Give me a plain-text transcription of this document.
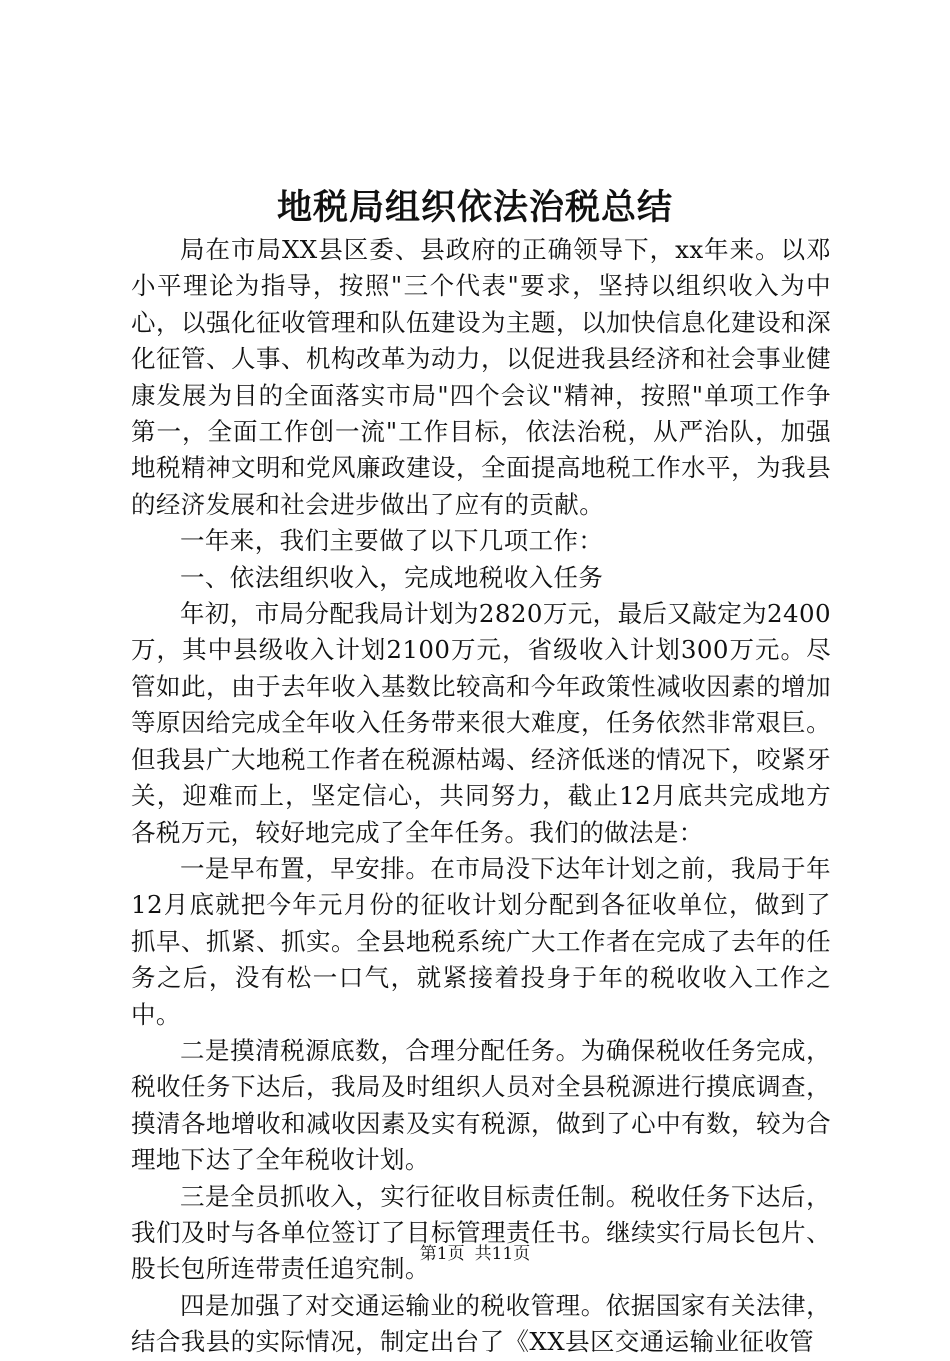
地税局组织依法治税总结

局在市局XX县区委、县政府的正确领导下，xx年来。以邓小平理论为指导，按照"三个代表"要求，坚持以组织收入为中心，以强化征收管理和队伍建设为主题，以加快信息化建设和深化征管、人事、机构改革为动力，以促进我县经济和社会事业健康发展为目的全面落实市局"四个会议"精神，按照"单项工作争第一，全面工作创一流"工作目标，依法治税，从严治队，加强地税精神文明和党风廉政建设，全面提高地税工作水平，为我县的经济发展和社会进步做出了应有的贡献。

一年来，我们主要做了以下几项工作：

一、依法组织收入，完成地税收入任务

年初，市局分配我局计划为2820万元，最后又敲定为2400万，其中县级收入计划2100万元，省级收入计划300万元。尽管如此，由于去年收入基数比较高和今年政策性减收因素的增加等原因给完成全年收入任务带来很大难度，任务依然非常艰巨。但我县广大地税工作者在税源枯竭、经济低迷的情况下，咬紧牙关，迎难而上，坚定信心，共同努力，截止12月底共完成地方各税万元，较好地完成了全年任务。我们的做法是：

一是早布置，早安排。在市局没下达年计划之前，我局于年12月底就把今年元月份的征收计划分配到各征收单位，做到了抓早、抓紧、抓实。全县地税系统广大工作者在完成了去年的任务之后，没有松一口气，就紧接着投身于年的税收收入工作之中。

二是摸清税源底数，合理分配任务。为确保税收任务完成，税收任务下达后，我局及时组织人员对全县税源进行摸底调查，摸清各地增收和减收因素及实有税源，做到了心中有数，较为合理地下达了全年税收计划。

三是全员抓收入，实行征收目标责任制。税收任务下达后，我们及时与各单位签订了目标管理责任书。继续实行局长包片、股长包所连带责任追究制。

四是加强了对交通运输业的税收管理。依据国家有关法律，结合我县的实际情况，制定出台了《XX县区交通运输业征收管

第1页 共11页
